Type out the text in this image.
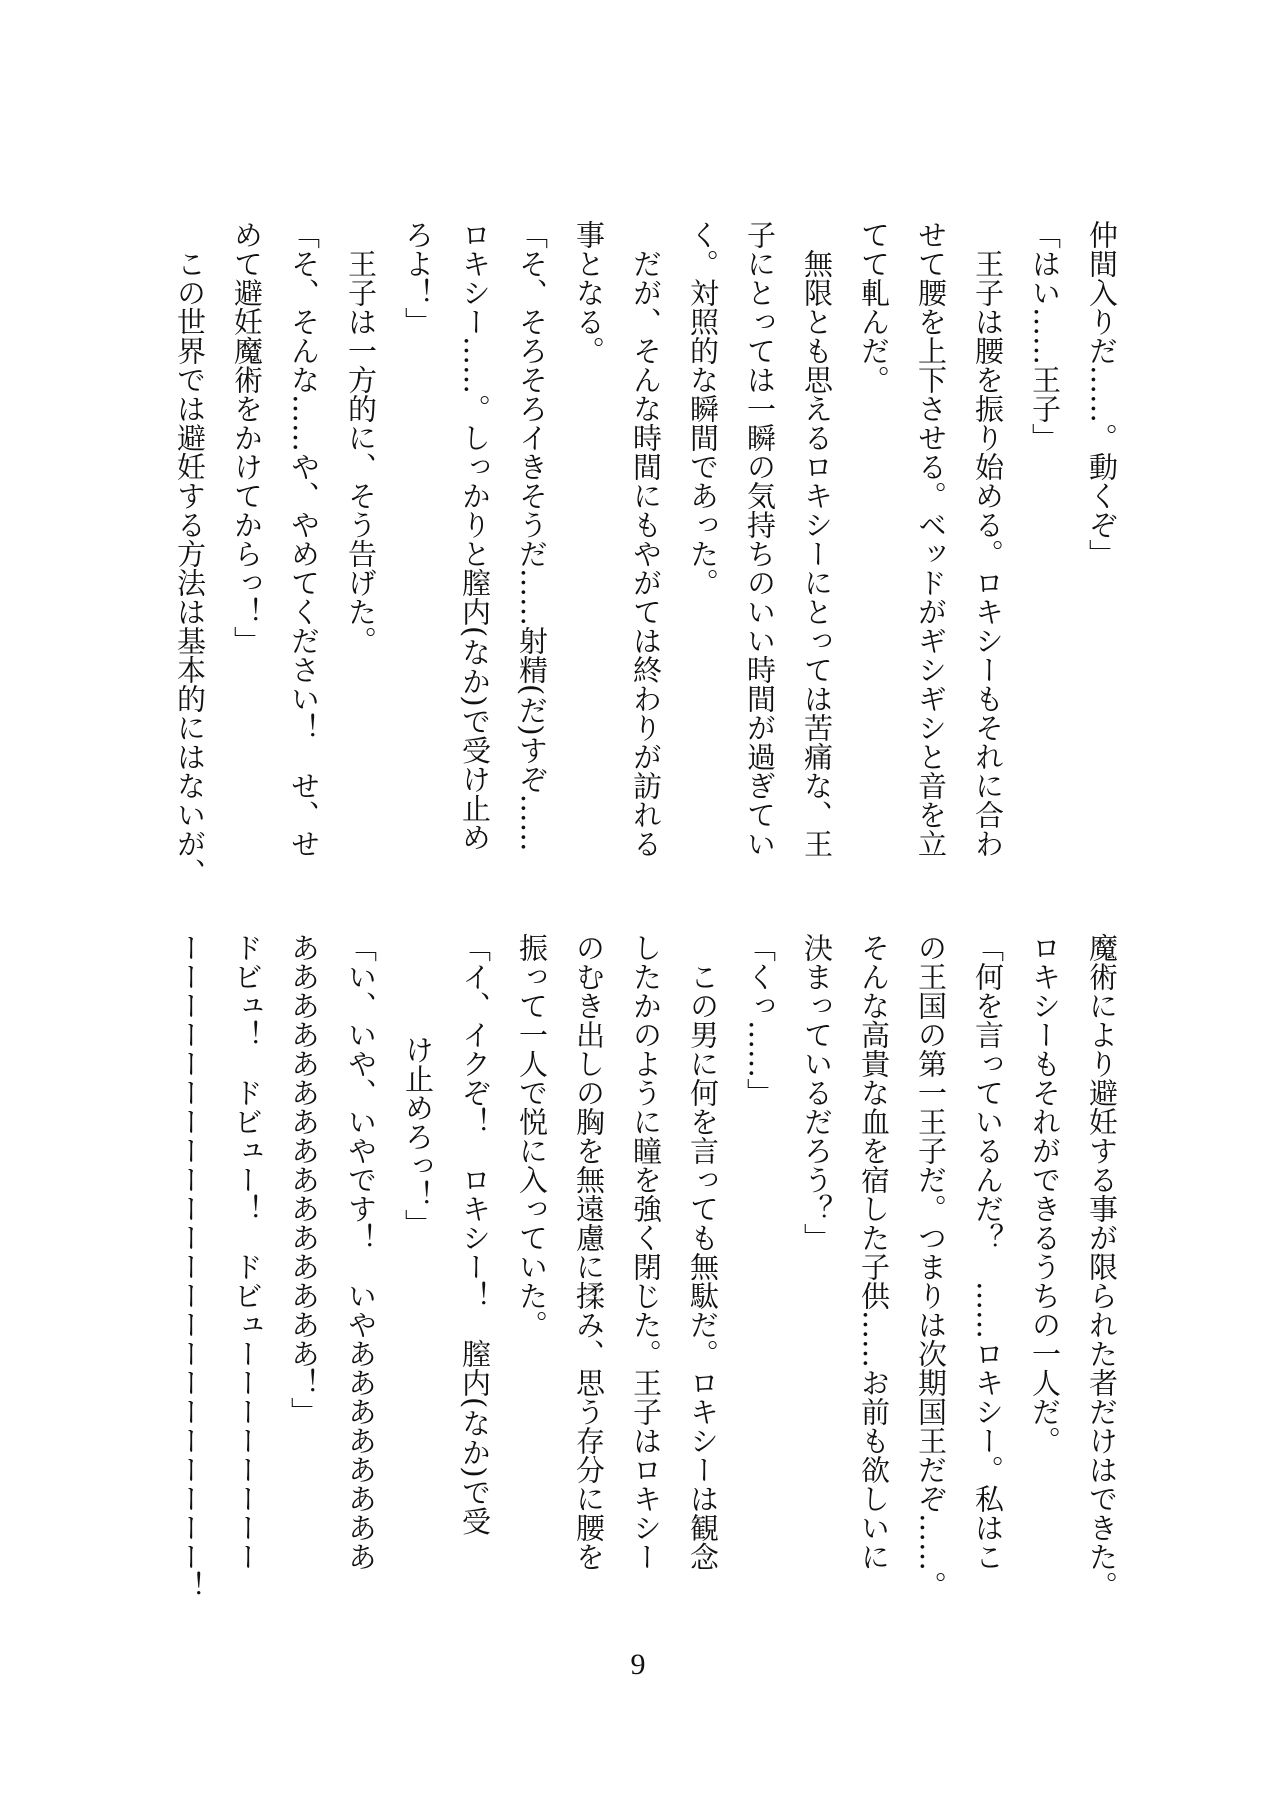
仲間入りだ……。動くぞ」
「はい……王子」
　王子は腰を振り始める。ロキシーもそれに合わ
せて腰を上下させる。ベッドがギシギシと音を立
てて軋んだ。
　無限とも思えるロキシーにとっては苦痛な、王
子にとっては一瞬の気持ちのいい時間が過ぎてい
く。対照的な瞬間であった。
　だが、そんな時間にもやがては終わりが訪れる
事となる。
「そ、そろそろイきそうだ……射精(だ)すぞ……
ロキシー……。しっかりと膣内(なか)で受け止め
ろよ！」
　王子は一方的に、そう告げた。
「そ、そんな……や、やめてください！　せ、せ
めて避妊魔術をかけてからっ！」
　この世界では避妊する方法は基本的にはないが、
魔術により避妊する事が限られた者だけはできた。
ロキシーもそれができるうちの一人だ。
「何を言っているんだ？　……ロキシー。私はこ
の王国の第一王子だ。つまりは次期国王だぞ……。
そんな高貴な血を宿した子供……お前も欲しいに
決まっているだろう？」
「くっ……」
　この男に何を言っても無駄だ。ロキシーは観念
したかのように瞳を強く閉じた。王子はロキシー
のむき出しの胸を無遠慮に揉み、思う存分に腰を
振って一人で悦に入っていた。
「イ、イクぞ！　ロキシー！　膣内(なか)で受
け止めろっ！」
「い、いや、いやです！　いやああああああああ
あああああああああああああああ！」
ドビュ！　ドビュー！　ドビューーーーーーーー
ーーーーーーーーーーーーーーーーーーーーーー！
9
